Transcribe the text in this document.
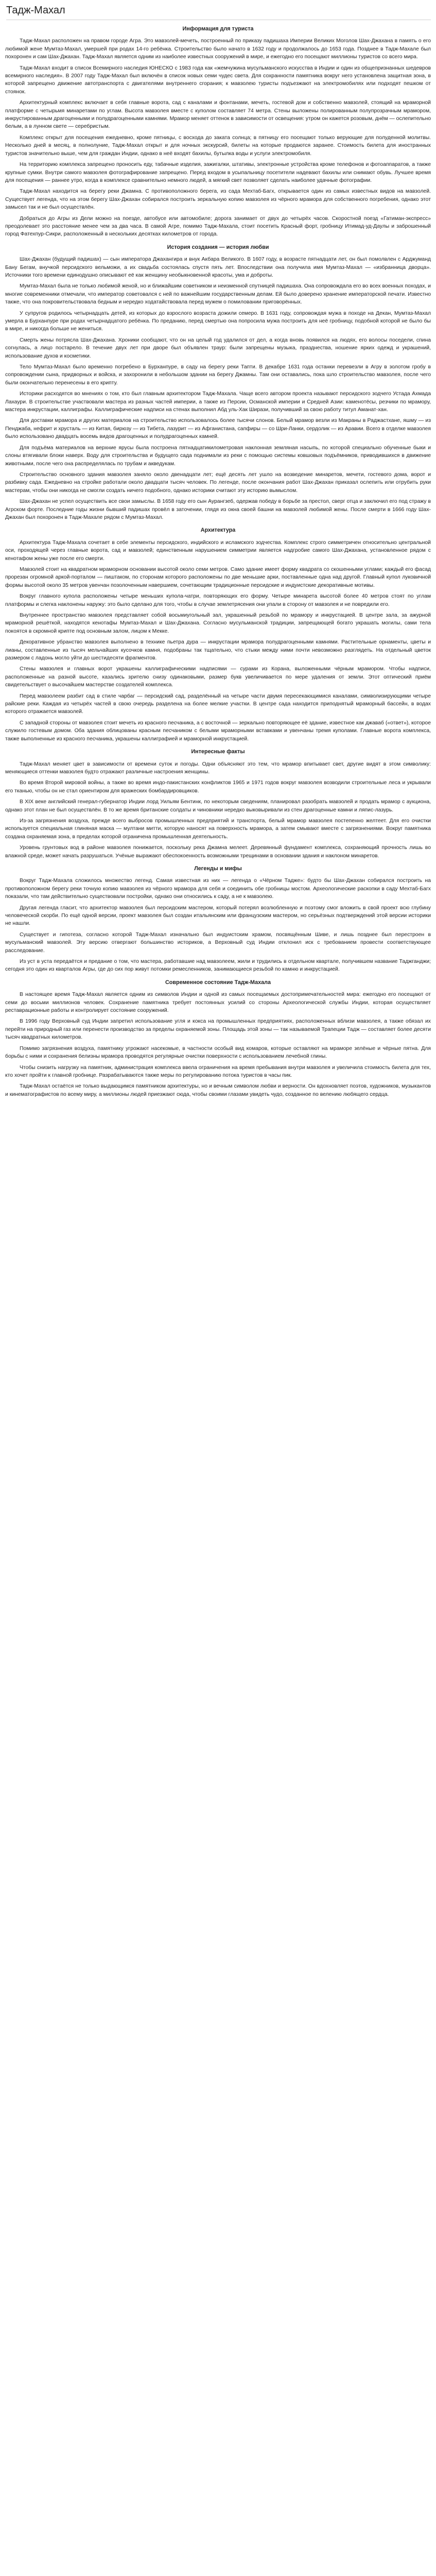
Тадж-Махал
Информация для туриста

Тадж-Махал расположен на правом городе Агра. Это мавзолей-мечеть, построенный по приказу падишаха Империи Великих Моголов Шах-Джахана в память о его любимой жене Мумтаз-Махал, умершей при родах 14-го ребёнка. Строительство было начато в 1632 году и продолжалось до 1653 года. Позднее в Тадж-Махале был похоронен и сам Шах-Джахан. Тадж-Махал является одним из наиболее известных сооружений в мире, и ежегодно его посещают миллионы туристов со всего мира.

Тадж-Махал входит в список Всемирного наследия ЮНЕСКО с 1983 года как «жемчужина мусульманского искусства в Индии и один из общепризнанных шедевров всемирного наследия». В 2007 году Тадж-Махал был включён в список новых семи чудес света. Для сохранности памятника вокруг него установлена защитная зона, в которой запрещено движение автотранспорта с двигателями внутреннего сгорания; к мавзолею туристы подъезжают на электромобилях или подходят пешком от стоянок.

Архитектурный комплекс включает в себя главные ворота, сад с каналами и фонтанами, мечеть, гостевой дом и собственно мавзолей, стоящий на мраморной платформе с четырьмя минаретами по углам. Высота мавзолея вместе с куполом составляет 74 метра. Стены выложены полированным полупрозрачным мрамором, инкрустированным драгоценными и полудрагоценными камнями. Мрамор меняет оттенок в зависимости от освещения: утром он кажется розовым, днём — ослепительно белым, а в лунном свете — серебристым.

Комплекс открыт для посещения ежедневно, кроме пятницы, с восхода до заката солнца; в пятницу его посещают только верующие для полуденной молитвы. Несколько дней в месяц, в полнолуние, Тадж-Махал открыт и для ночных экскурсий, билеты на которые продаются заранее. Стоимость билета для иностранных туристов значительно выше, чем для граждан Индии, однако в неё входят бахилы, бутылка воды и услуги электромобиля.

На территорию комплекса запрещено проносить еду, табачные изделия, зажигалки, штативы, электронные устройства кроме телефонов и фотоаппаратов, а также крупные сумки. Внутри самого мавзолея фотографирование запрещено. Перед входом в усыпальницу посетители надевают бахилы или снимают обувь. Лучшее время для посещения — раннее утро, когда в комплексе сравнительно немного людей, а мягкий свет позволяет сделать наиболее удачные фотографии.

Тадж-Махал находится на берегу реки Джамна. С противоположного берега, из сада Мехтаб-Багх, открывается один из самых известных видов на мавзолей. Существует легенда, что на этом берегу Шах-Джахан собирался построить зеркальную копию мавзолея из чёрного мрамора для собственного погребения, однако этот замысел так и не был осуществлён.

Добраться до Агры из Дели можно на поезде, автобусе или автомобиле; дорога занимает от двух до четырёх часов. Скоростной поезд «Гатиман-экспресс» преодолевает это расстояние менее чем за два часа. В самой Агре, помимо Тадж-Махала, стоит посетить Красный форт, гробницу Итимад-уд-Даулы и заброшенный город Фатехпур-Сикри, расположенный в нескольких десятках километров от города.

История создания — история любви

Шах-Джахан (будущий падишах) — сын императора Джахангира и внук Акбара Великого. В 1607 году, в возрасте пятнадцати лет, он был помолвлен с Арджуманд Бану Бегам, внучкой персидского вельможи, а их свадьба состоялась спустя пять лет. Впоследствии она получила имя Мумтаз-Махал — «избранница дворца». Источники того времени единодушно описывают её как женщину необыкновенной красоты, ума и доброты.

Мумтаз-Махал была не только любимой женой, но и ближайшим советником и неизменной спутницей падишаха. Она сопровождала его во всех военных походах, и многие современники отмечали, что император советовался с ней по важнейшим государственным делам. Ей было доверено хранение императорской печати. Известно также, что она покровительствовала бедным и нередко ходатайствовала перед мужем о помиловании приговорённых.

У супругов родилось четырнадцать детей, из которых до взрослого возраста дожили семеро. В 1631 году, сопровождая мужа в походе на Декан, Мумтаз-Махал умерла в Бурханпуре при родах четырнадцатого ребёнка. По преданию, перед смертью она попросила мужа построить для неё гробницу, подобной которой не было бы в мире, и никогда больше не жениться.

Смерть жены потрясла Шах-Джахана. Хроники сообщают, что он на целый год удалился от дел, а когда вновь появился на людях, его волосы поседели, спина согнулась, а лицо постарело. В течение двух лет при дворе был объявлен траур: были запрещены музыка, празднества, ношение ярких одежд и украшений, использование духов и косметики.

Тело Мумтаз-Махал было временно погребено в Бурханпуре, в саду на берегу реки Тапти. В декабре 1631 года останки перевезли в Агру в золотом гробу в сопровождении сына, придворных и войска, и захоронили в небольшом здании на берегу Джамны. Там они оставались, пока шло строительство мавзолея, после чего были окончательно перенесены в его крипту.

Историки расходятся во мнениях о том, кто был главным архитектором Тадж-Махала. Чаще всего автором проекта называют персидского зодчего Устада Ахмада Лахаури. В строительстве участвовали мастера из разных частей империи, а также из Персии, Османской империи и Средней Азии: каменотёсы, резчики по мрамору, мастера инкрустации, каллиграфы. Каллиграфические надписи на стенах выполнил Абд уль-Хак Ширази, получивший за свою работу титул Аманат-хан.

Для доставки мрамора и других материалов на строительство использовалось более тысячи слонов. Белый мрамор везли из Макраны в Раджастхане, яшму — из Пенджаба, нефрит и хрусталь — из Китая, бирюзу — из Тибета, лазурит — из Афганистана, сапфиры — со Шри-Ланки, сердолик — из Аравии. Всего в отделке мавзолея было использовано двадцать восемь видов драгоценных и полудрагоценных камней.

Для подъёма материалов на верхние ярусы была построена пятнадцатикилометровая наклонная земляная насыпь, по которой специально обученные быки и слоны втягивали блоки наверх. Воду для строительства и будущего сада поднимали из реки с помощью системы ковшовых подъёмников, приводившихся в движение животными, после чего она распределялась по трубам и акведукам.

Строительство основного здания мавзолея заняло около двенадцати лет; ещё десять лет ушло на возведение минаретов, мечети, гостевого дома, ворот и разбивку сада. Ежедневно на стройке работали около двадцати тысяч человек. По легенде, после окончания работ Шах-Джахан приказал ослепить или отрубить руки мастерам, чтобы они никогда не смогли создать ничего подобного, однако историки считают эту историю вымыслом.

Шах-Джахан не успел осуществить все свои замыслы. В 1658 году его сын Аурангзеб, одержав победу в борьбе за престол, сверг отца и заключил его под стражу в Агрском форте. Последние годы жизни бывший падишах провёл в заточении, глядя из окна своей башни на мавзолей любимой жены. После смерти в 1666 году Шах-Джахан был похоронен в Тадж-Махале рядом с Мумтаз-Махал.

Архитектура

Архитектура Тадж-Махала сочетает в себе элементы персидского, индийского и исламского зодчества. Комплекс строго симметричен относительно центральной оси, проходящей через главные ворота, сад и мавзолей; единственным нарушением симметрии является надгробие самого Шах-Джахана, установленное рядом с кенотафом жены уже после его смерти.

Мавзолей стоит на квадратном мраморном основании высотой около семи метров. Само здание имеет форму квадрата со скошенными углами; каждый его фасад прорезан огромной аркой-порталом — пиштаком, по сторонам которого расположены по две меньшие арки, поставленные одна над другой. Главный купол луковичной формы высотой около 35 метров увенчан позолоченным навершием, сочетающим традиционные персидские и индуистские декоративные мотивы.

Вокруг главного купола расположены четыре меньших купола-чатри, повторяющих его форму. Четыре минарета высотой более 40 метров стоят по углам платформы и слегка наклонены наружу: это было сделано для того, чтобы в случае землетрясения они упали в сторону от мавзолея и не повредили его.

Внутреннее пространство мавзолея представляет собой восьмиугольный зал, украшенный резьбой по мрамору и инкрустацией. В центре зала, за ажурной мраморной решёткой, находятся кенотафы Мумтаз-Махал и Шах-Джахана. Согласно мусульманской традиции, запрещающей богато украшать могилы, сами тела покоятся в скромной крипте под основным залом, лицом к Мекке.

Декоративное убранство мавзолея выполнено в технике пьетра дура — инкрустации мрамора полудрагоценными камнями. Растительные орнаменты, цветы и лианы, составленные из тысяч мельчайших кусочков камня, подобраны так тщательно, что стыки между ними почти невозможно разглядеть. На отдельный цветок размером с ладонь могло уйти до шестидесяти фрагментов.

Стены мавзолея и главных ворот украшены каллиграфическими надписями — сурами из Корана, выложенными чёрным мрамором. Чтобы надписи, расположенные на разной высоте, казались зрителю снизу одинаковыми, размер букв увеличивается по мере удаления от земли. Этот оптический приём свидетельствует о высочайшем мастерстве создателей комплекса.

Перед мавзолеем разбит сад в стиле чарбаг — персидский сад, разделённый на четыре части двумя пересекающимися каналами, символизирующими четыре райские реки. Каждая из четырёх частей в свою очередь разделена на более мелкие участки. В центре сада находится приподнятый мраморный бассейн, в водах которого отражается мавзолей.

С западной стороны от мавзолея стоит мечеть из красного песчаника, а с восточной — зеркально повторяющее её здание, известное как джаваб («ответ»), которое служило гостевым домом. Оба здания облицованы красным песчаником с белыми мраморными вставками и увенчаны тремя куполами. Главные ворота комплекса, также выполненные из красного песчаника, украшены каллиграфией и мраморной инкрустацией.

Интересные факты

Тадж-Махал меняет цвет в зависимости от времени суток и погоды. Одни объясняют это тем, что мрамор впитывает свет, другие видят в этом символику: меняющиеся оттенки мавзолея будто отражают различные настроения женщины.

Во время Второй мировой войны, а также во время индо-пакистанских конфликтов 1965 и 1971 годов вокруг мавзолея возводили строительные леса и укрывали его тканью, чтобы он не стал ориентиром для вражеских бомбардировщиков.

В XIX веке английский генерал-губернатор Индии лорд Уильям Бентинк, по некоторым сведениям, планировал разобрать мавзолей и продать мрамор с аукциона, однако этот план не был осуществлён. В то же время британские солдаты и чиновники нередко выковыривали из стен драгоценные камни и ляпис-лазурь.

Из-за загрязнения воздуха, прежде всего выбросов промышленных предприятий и транспорта, белый мрамор мавзолея постепенно желтеет. Для его очистки используется специальная глиняная маска — мултани митти, которую наносят на поверхность мрамора, а затем смывают вместе с загрязнениями. Вокруг памятника создана охраняемая зона, в пределах которой ограничена промышленная деятельность.

Уровень грунтовых вод в районе мавзолея понижается, поскольку река Джамна мелеет. Деревянный фундамент комплекса, сохраняющий прочность лишь во влажной среде, может начать разрушаться. Учёные выражают обеспокоенность возможными трещинами в основании здания и наклоном минаретов.

Легенды и мифы

Вокруг Тадж-Махала сложилось множество легенд. Самая известная из них — легенда о «Чёрном Тадже»: будто бы Шах-Джахан собирался построить на противоположном берегу реки точную копию мавзолея из чёрного мрамора для себя и соединить обе гробницы мостом. Археологические раскопки в саду Мехтаб-Багх показали, что там действительно существовали постройки, однако они относились к саду, а не к мавзолею.

Другая легенда гласит, что архитектор мавзолея был персидским мастером, который потерял возлюбленную и поэтому смог вложить в свой проект всю глубину человеческой скорби. По ещё одной версии, проект мавзолея был создан итальянским или французским мастером, но серьёзных подтверждений этой версии историки не нашли.

Существует и гипотеза, согласно которой Тадж-Махал изначально был индуистским храмом, посвящённым Шиве, и лишь позднее был перестроен в мусульманский мавзолей. Эту версию отвергают большинство историков, а Верховный суд Индии отклонил иск с требованием провести соответствующее расследование.

Из уст в уста передаётся и предание о том, что мастера, работавшие над мавзолеем, жили и трудились в отдельном квартале, получившем название Таджганджи; сегодня это один из кварталов Агры, где до сих пор живут потомки ремесленников, занимающиеся резьбой по камню и инкрустацией.

Современное состояние Тадж-Махала

В настоящее время Тадж-Махал является одним из символов Индии и одной из самых посещаемых достопримечательностей мира: ежегодно его посещают от семи до восьми миллионов человек. Сохранение памятника требует постоянных усилий со стороны Археологической службы Индии, которая осуществляет реставрационные работы и контролирует состояние сооружений.

В 1996 году Верховный суд Индии запретил использование угля и кокса на промышленных предприятиях, расположенных вблизи мавзолея, а также обязал их перейти на природный газ или перенести производство за пределы охраняемой зоны. Площадь этой зоны — так называемой Трапеции Тадж — составляет более десяти тысяч квадратных километров.

Помимо загрязнения воздуха, памятнику угрожают насекомые, в частности особый вид комаров, которые оставляют на мраморе зелёные и чёрные пятна. Для борьбы с ними и сохранения белизны мрамора проводятся регулярные очистки поверхности с использованием лечебной глины.

Чтобы снизить нагрузку на памятник, администрация комплекса ввела ограничения на время пребывания внутри мавзолея и увеличила стоимость билета для тех, кто хочет пройти к главной гробнице. Разрабатываются также меры по регулированию потока туристов в часы пик.

Тадж-Махал остаётся не только выдающимся памятником архитектуры, но и вечным символом любви и верности. Он вдохновляет поэтов, художников, музыкантов и кинематографистов по всему миру, а миллионы людей приезжают сюда, чтобы своими глазами увидеть чудо, созданное по велению любящего сердца.
